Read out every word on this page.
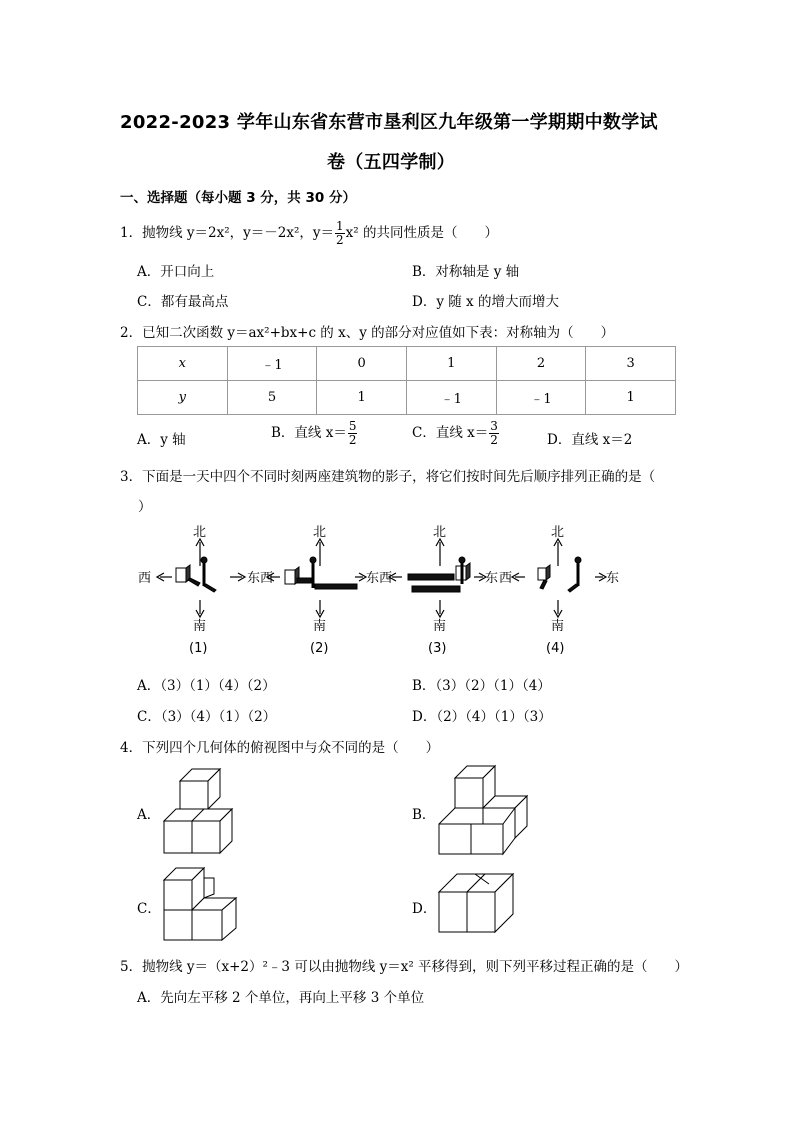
2022-2023 学年山东省东营市垦利区九年级第一学期期中数学试
卷（五四学制）
一、选择题（每小题 3 分，共 30 分）
1．抛物线 y＝2x²，y＝－2x²，$y= \frac{1}{2} x^2$ 的共同性质是（　　）
A．开口向上	B．对称轴是 y 轴
C．都有最高点	D．y 随 x 的增大而增大
2．已知二次函数 y＝ax²+bx+c 的 x、y 的部分对应值如下表：对称轴为（　　）
x	﹣1	0	1	2	3
y	5	1	﹣1	﹣1	1
A．y 轴	B．直线 $x= \frac{5}{2}$	C．直线 $x= \frac{3}{2}$	D．直线 x＝2
3．下面是一天中四个不同时刻两座建筑物的影子，将它们按时间先后顺序排列正确的是（
）
北
南
西	东
(1)
北
南
西	东
(2)
北
南
西	东
(3)
北
南
西	东
(4)
A．（3）（1）（4）（2）	B．（3）（2）（1）（4）
C．（3）（4）（1）（2）	D．（2）（4）（1）（3）
4．下列四个几何体的俯视图中与众不同的是（　　）
A．	B．
C．	D．
5．抛物线 y＝（x+2）²﹣3 可以由抛物线 y＝x² 平移得到，则下列平移过程正确的是（　　）
A．先向左平移 2 个单位，再向上平移 3 个单位
